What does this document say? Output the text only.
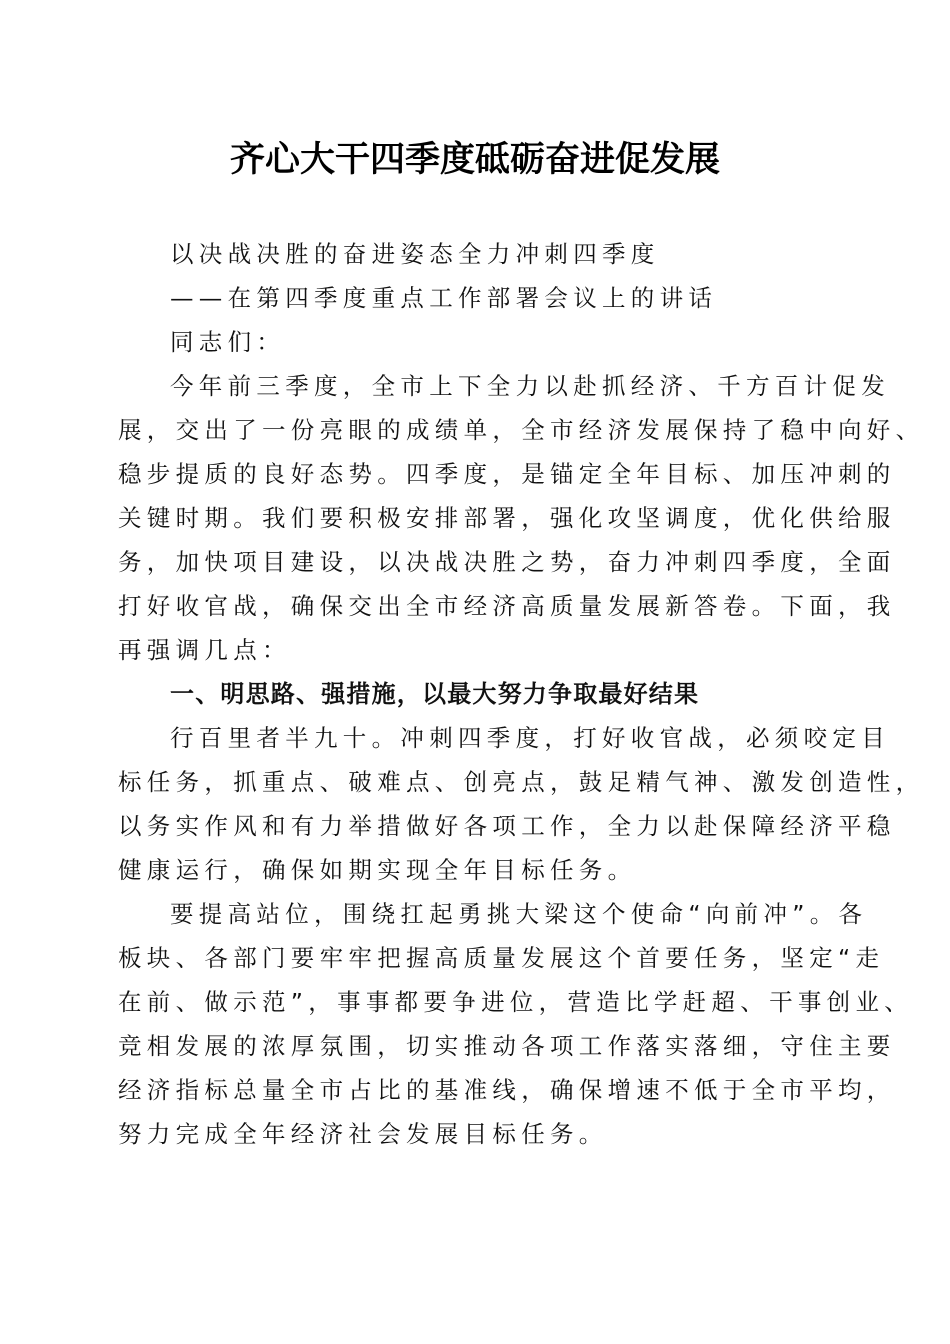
齐心大干四季度砥砺奋进促发展
以决战决胜的奋进姿态全力冲刺四季度
——在第四季度重点工作部署会议上的讲话
同志们：
今年前三季度，全市上下全力以赴抓经济、千方百计促发
展，交出了一份亮眼的成绩单，全市经济发展保持了稳中向好、
稳步提质的良好态势。四季度，是锚定全年目标、加压冲刺的
关键时期。我们要积极安排部署，强化攻坚调度，优化供给服
务，加快项目建设，以决战决胜之势，奋力冲刺四季度，全面
打好收官战，确保交出全市经济高质量发展新答卷。下面，我
再强调几点：
一、明思路、强措施，以最大努力争取最好结果
行百里者半九十。冲刺四季度，打好收官战，必须咬定目
标任务，抓重点、破难点、创亮点，鼓足精气神、激发创造性，
以务实作风和有力举措做好各项工作，全力以赴保障经济平稳
健康运行，确保如期实现全年目标任务。
要提高站位，围绕扛起勇挑大梁这个使命“向前冲”。各
板块、各部门要牢牢把握高质量发展这个首要任务，坚定“走
在前、做示范”，事事都要争进位，营造比学赶超、干事创业、
竞相发展的浓厚氛围，切实推动各项工作落实落细，守住主要
经济指标总量全市占比的基准线，确保增速不低于全市平均，
努力完成全年经济社会发展目标任务。
